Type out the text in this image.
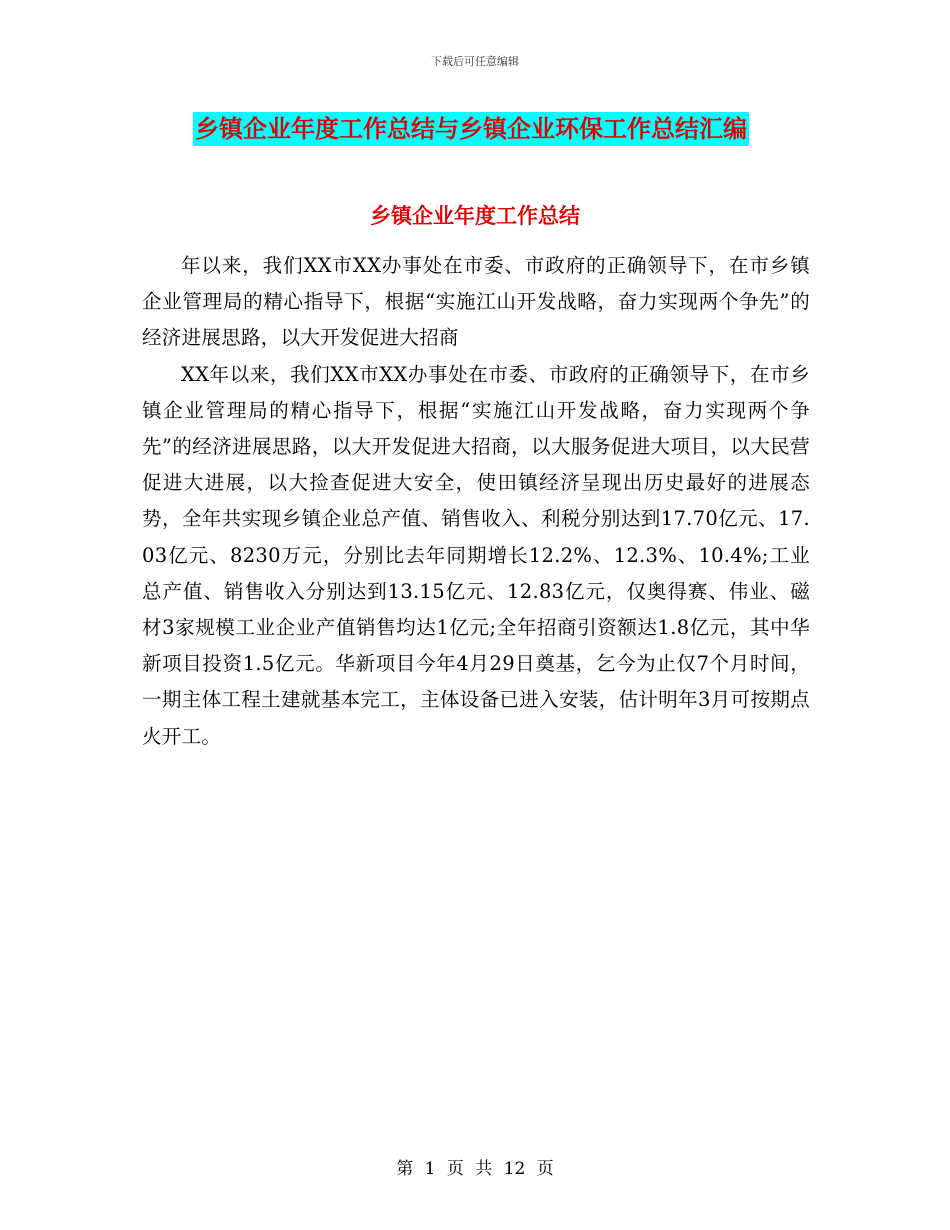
下载后可任意编辑
乡镇企业年度工作总结与乡镇企业环保工作总结汇编
乡镇企业年度工作总结

年以来，我们XX市XX办事处在市委、市政府的正确领导下，在市乡镇企业管理局的精心指导下，根据“实施江山开发战略，奋力实现两个争先”的经济进展思路，以大开发促进大招商

XX年以来，我们XX市XX办事处在市委、市政府的正确领导下，在市乡镇企业管理局的精心指导下，根据“实施江山开发战略，奋力实现两个争先”的经济进展思路，以大开发促进大招商，以大服务促进大项目，以大民营促进大进展，以大捡查促进大安全，使田镇经济呈现出历史最好的进展态势，全年共实现乡镇企业总产值、销售收入、利税分别达到17.70亿元、17.03亿元、8230万元，分别比去年同期增长12.2%、12.3%、10.4%;工业总产值、销售收入分别达到13.15亿元、12.83亿元，仅奥得赛、伟业、磁材3家规模工业企业产值销售均达1亿元;全年招商引资额达1.8亿元，其中华新项目投资1.5亿元。华新项目今年4月29日奠基，乞今为止仅7个月时间，一期主体工程土建就基本完工，主体设备已进入安装，估计明年3月可按期点火开工。

第 1 页 共 12 页
